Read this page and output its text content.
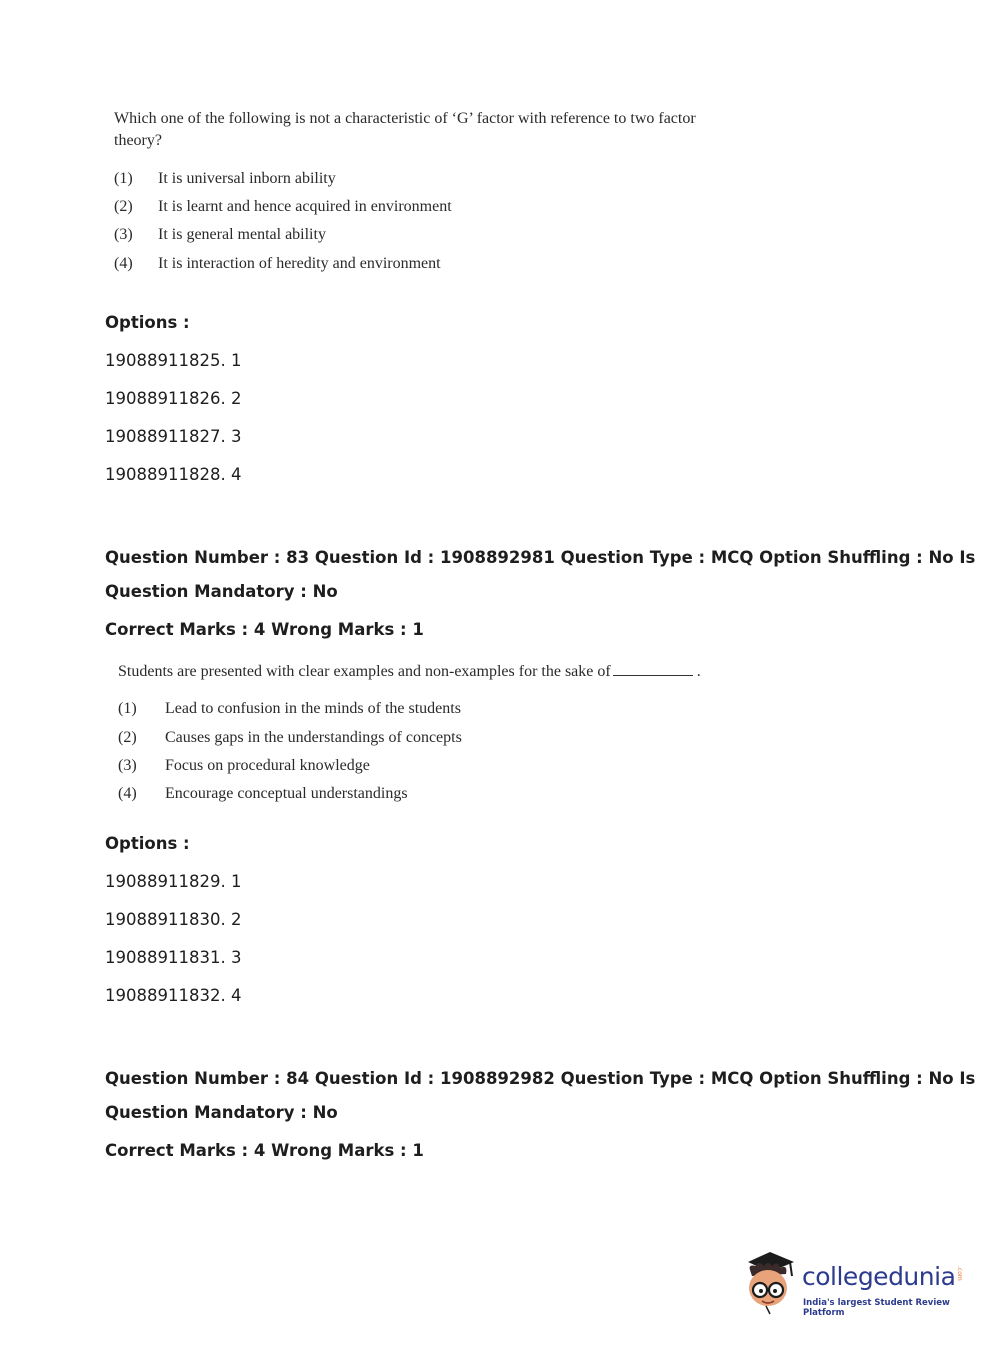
Which one of the following is not a characteristic of ‘G’ factor with reference to two factor
theory?
(1) It is universal inborn ability
(2) It is learnt and hence acquired in environment
(3) It is general mental ability
(4) It is interaction of heredity and environment
Options :
19088911825. 1
19088911826. 2
19088911827. 3
19088911828. 4
Question Number : 83 Question Id : 1908892981 Question Type : MCQ Option Shuffling : No Is
Question Mandatory : No
Correct Marks : 4 Wrong Marks : 1
Students are presented with clear examples and non-examples for the sake of	.
(1) Lead to confusion in the minds of the students
(2) Causes gaps in the understandings of concepts
(3) Focus on procedural knowledge
(4) Encourage conceptual understandings
Options :
19088911829. 1
19088911830. 2
19088911831. 3
19088911832. 4
Question Number : 84 Question Id : 1908892982 Question Type : MCQ Option Shuffling : No Is
Question Mandatory : No
Correct Marks : 4 Wrong Marks : 1
collegedunia .com
India's largest Student Review Platform
